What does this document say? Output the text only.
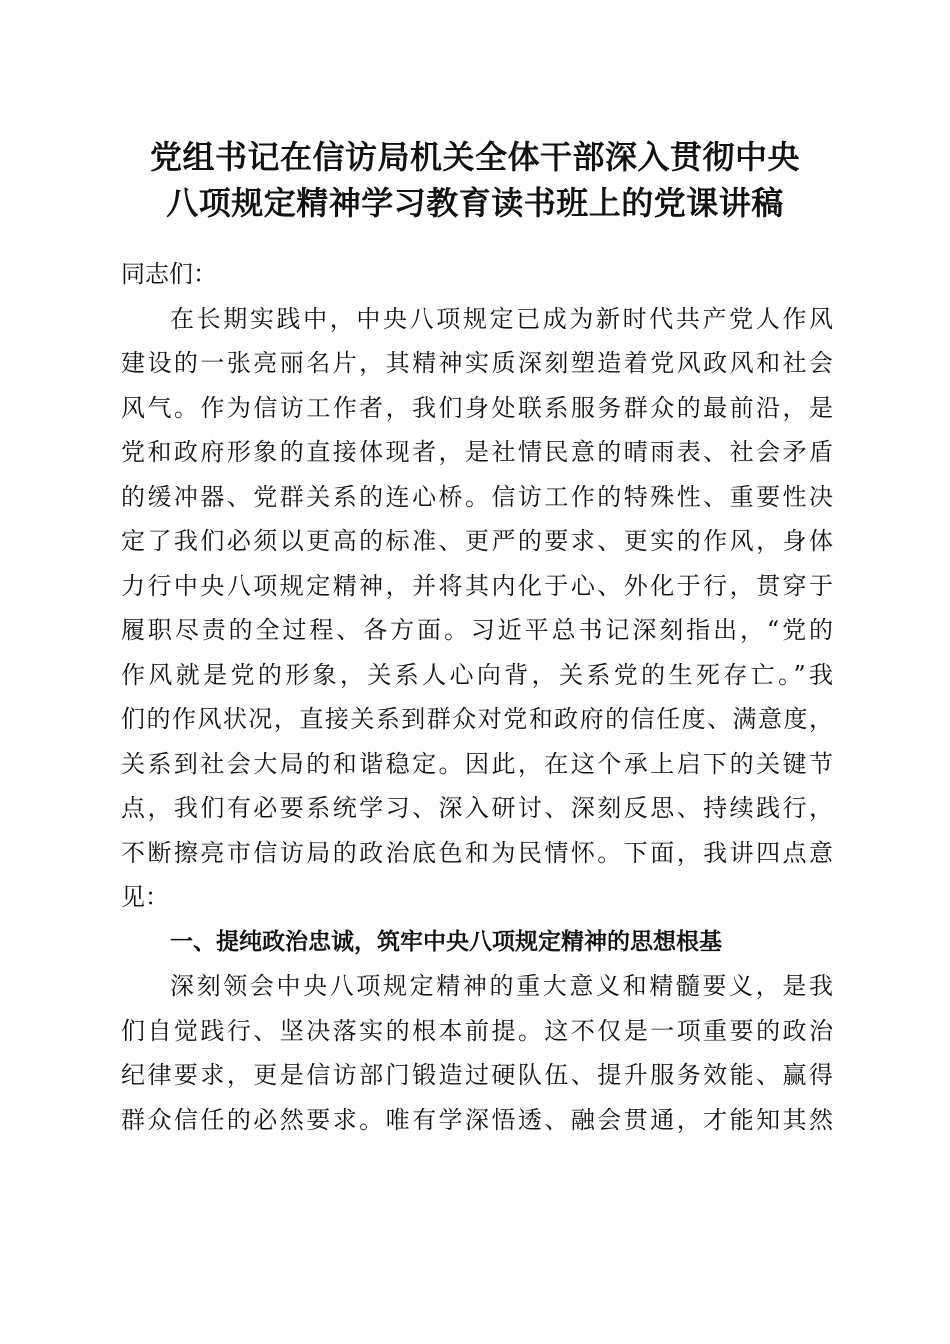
党组书记在信访局机关全体干部深入贯彻中央
八项规定精神学习教育读书班上的党课讲稿
同志们：
在长期实践中，中央八项规定已成为新时代共产党人作风
建设的一张亮丽名片，其精神实质深刻塑造着党风政风和社会
风气。作为信访工作者，我们身处联系服务群众的最前沿，是
党和政府形象的直接体现者，是社情民意的晴雨表、社会矛盾
的缓冲器、党群关系的连心桥。信访工作的特殊性、重要性决
定了我们必须以更高的标准、更严的要求、更实的作风，身体
力行中央八项规定精神，并将其内化于心、外化于行，贯穿于
履职尽责的全过程、各方面。习近平总书记深刻指出，“党的
作风就是党的形象，关系人心向背，关系党的生死存亡。”我
们的作风状况，直接关系到群众对党和政府的信任度、满意度，
关系到社会大局的和谐稳定。因此，在这个承上启下的关键节
点，我们有必要系统学习、深入研讨、深刻反思、持续践行，
不断擦亮市信访局的政治底色和为民情怀。下面，我讲四点意
见：
一、提纯政治忠诚，筑牢中央八项规定精神的思想根基
深刻领会中央八项规定精神的重大意义和精髓要义，是我
们自觉践行、坚决落实的根本前提。这不仅是一项重要的政治
纪律要求，更是信访部门锻造过硬队伍、提升服务效能、赢得
群众信任的必然要求。唯有学深悟透、融会贯通，才能知其然
